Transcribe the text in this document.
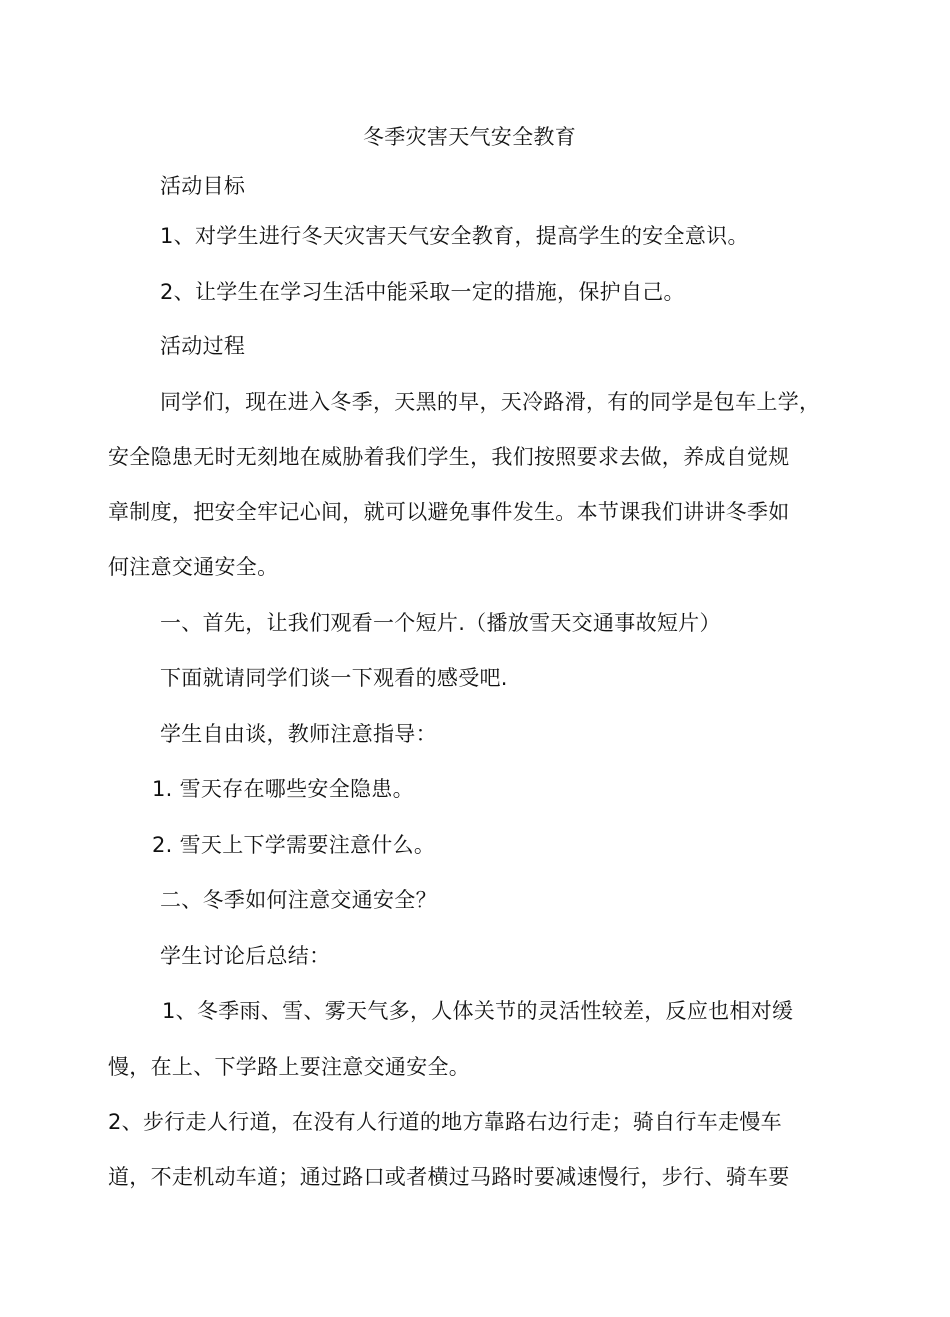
冬季灾害天气安全教育
活动目标
1、对学生进行冬天灾害天气安全教育，提高学生的安全意识。
2、让学生在学习生活中能采取一定的措施，保护自己。
活动过程
同学们，现在进入冬季，天黑的早，天冷路滑，有的同学是包车上学，
安全隐患无时无刻地在威胁着我们学生，我们按照要求去做，养成自觉规
章制度，把安全牢记心间，就可以避免事件发生。本节课我们讲讲冬季如
何注意交通安全。
一、首先，让我们观看一个短片.（播放雪天交通事故短片）
下面就请同学们谈一下观看的感受吧.
学生自由谈，教师注意指导：
1. 雪天存在哪些安全隐患。
2. 雪天上下学需要注意什么。
二、冬季如何注意交通安全？
学生讨论后总结：
1、冬季雨、雪、雾天气多，人体关节的灵活性较差，反应也相对缓
慢，在上、下学路上要注意交通安全。
2、步行走人行道，在没有人行道的地方靠路右边行走；骑自行车走慢车
道，不走机动车道；通过路口或者横过马路时要减速慢行，步行、骑车要
